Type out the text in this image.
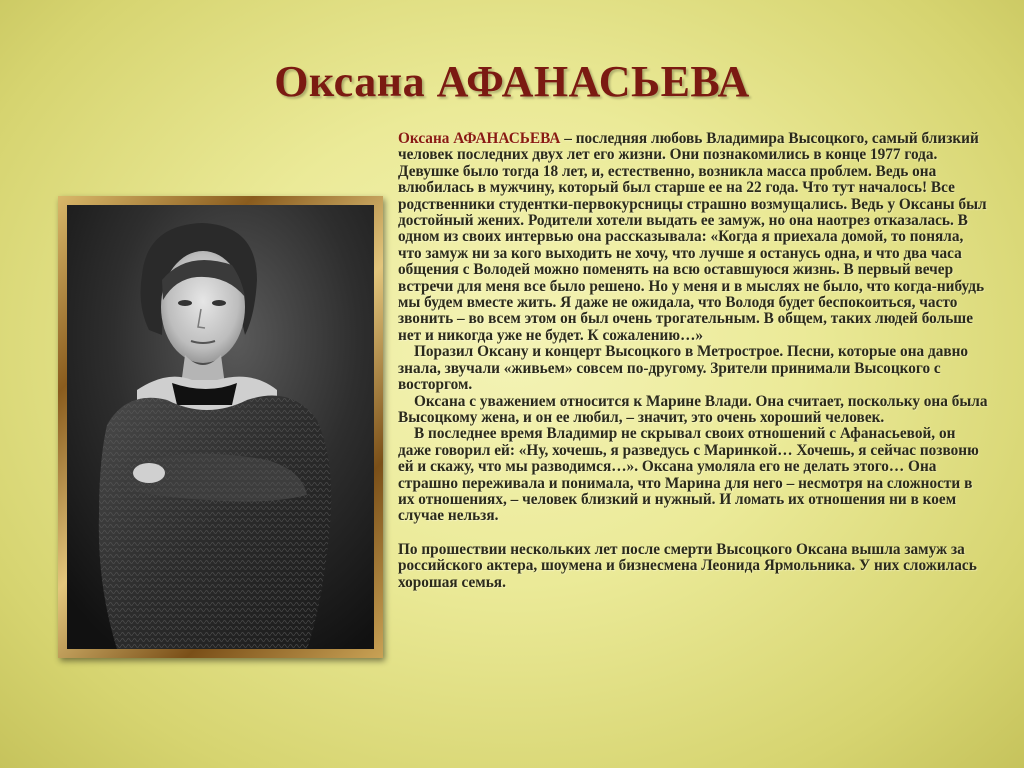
Оксана АФАНАСЬЕВА

Оксана АФАНАСЬЕВА – последняя любовь Владимира Высоцкого, самый близкий человек последних двух лет его жизни. Они познакомились в конце 1977 года. Девушке было тогда 18 лет, и, естественно, возникла масса проблем. Ведь она влюбилась в мужчину, который был старше ее на 22 года. Что тут началось! Все родственники студентки-первокурсницы страшно возмущались. Ведь у Оксаны был достойный жених. Родители хотели выдать ее замуж, но она наотрез отказалась. В одном из своих интервью она рассказывала: «Когда я приехала домой, то поняла, что замуж ни за кого выходить не хочу, что лучше я останусь одна, и что два часа общения с Володей можно поменять на всю оставшуюся жизнь. В первый вечер встречи для меня все было решено. Но у меня и в мыслях не было, что когда-нибудь мы будем вместе жить. Я даже не ожидала, что Володя будет беспокоиться, часто звонить – во всем этом он был очень трогательным. В общем, таких людей больше нет и никогда уже не будет. К сожалению…»

Поразил Оксану и концерт Высоцкого в Метрострое. Песни, которые она давно знала, звучали «живьем» совсем по-другому. Зрители принимали Высоцкого с восторгом.

Оксана с уважением относится к Марине Влади. Она считает, поскольку она была Высоцкому жена, и он ее любил, – значит, это очень хороший человек.

В последнее время Владимир не скрывал своих отношений с Афанасьевой, он даже говорил ей: «Ну, хочешь, я разведусь с Маринкой… Хочешь, я сейчас позвоню ей и скажу, что мы разводимся…». Оксана умоляла его не делать этого… Она страшно переживала и понимала, что Марина для него – несмотря на сложности в их отношениях, – человек близкий и нужный. И ломать их отношения ни в коем случае нельзя.

По прошествии нескольких лет после смерти Высоцкого Оксана вышла замуж за российского актера, шоумена и бизнесмена Леонида Ярмольника. У них сложилась хорошая семья.
